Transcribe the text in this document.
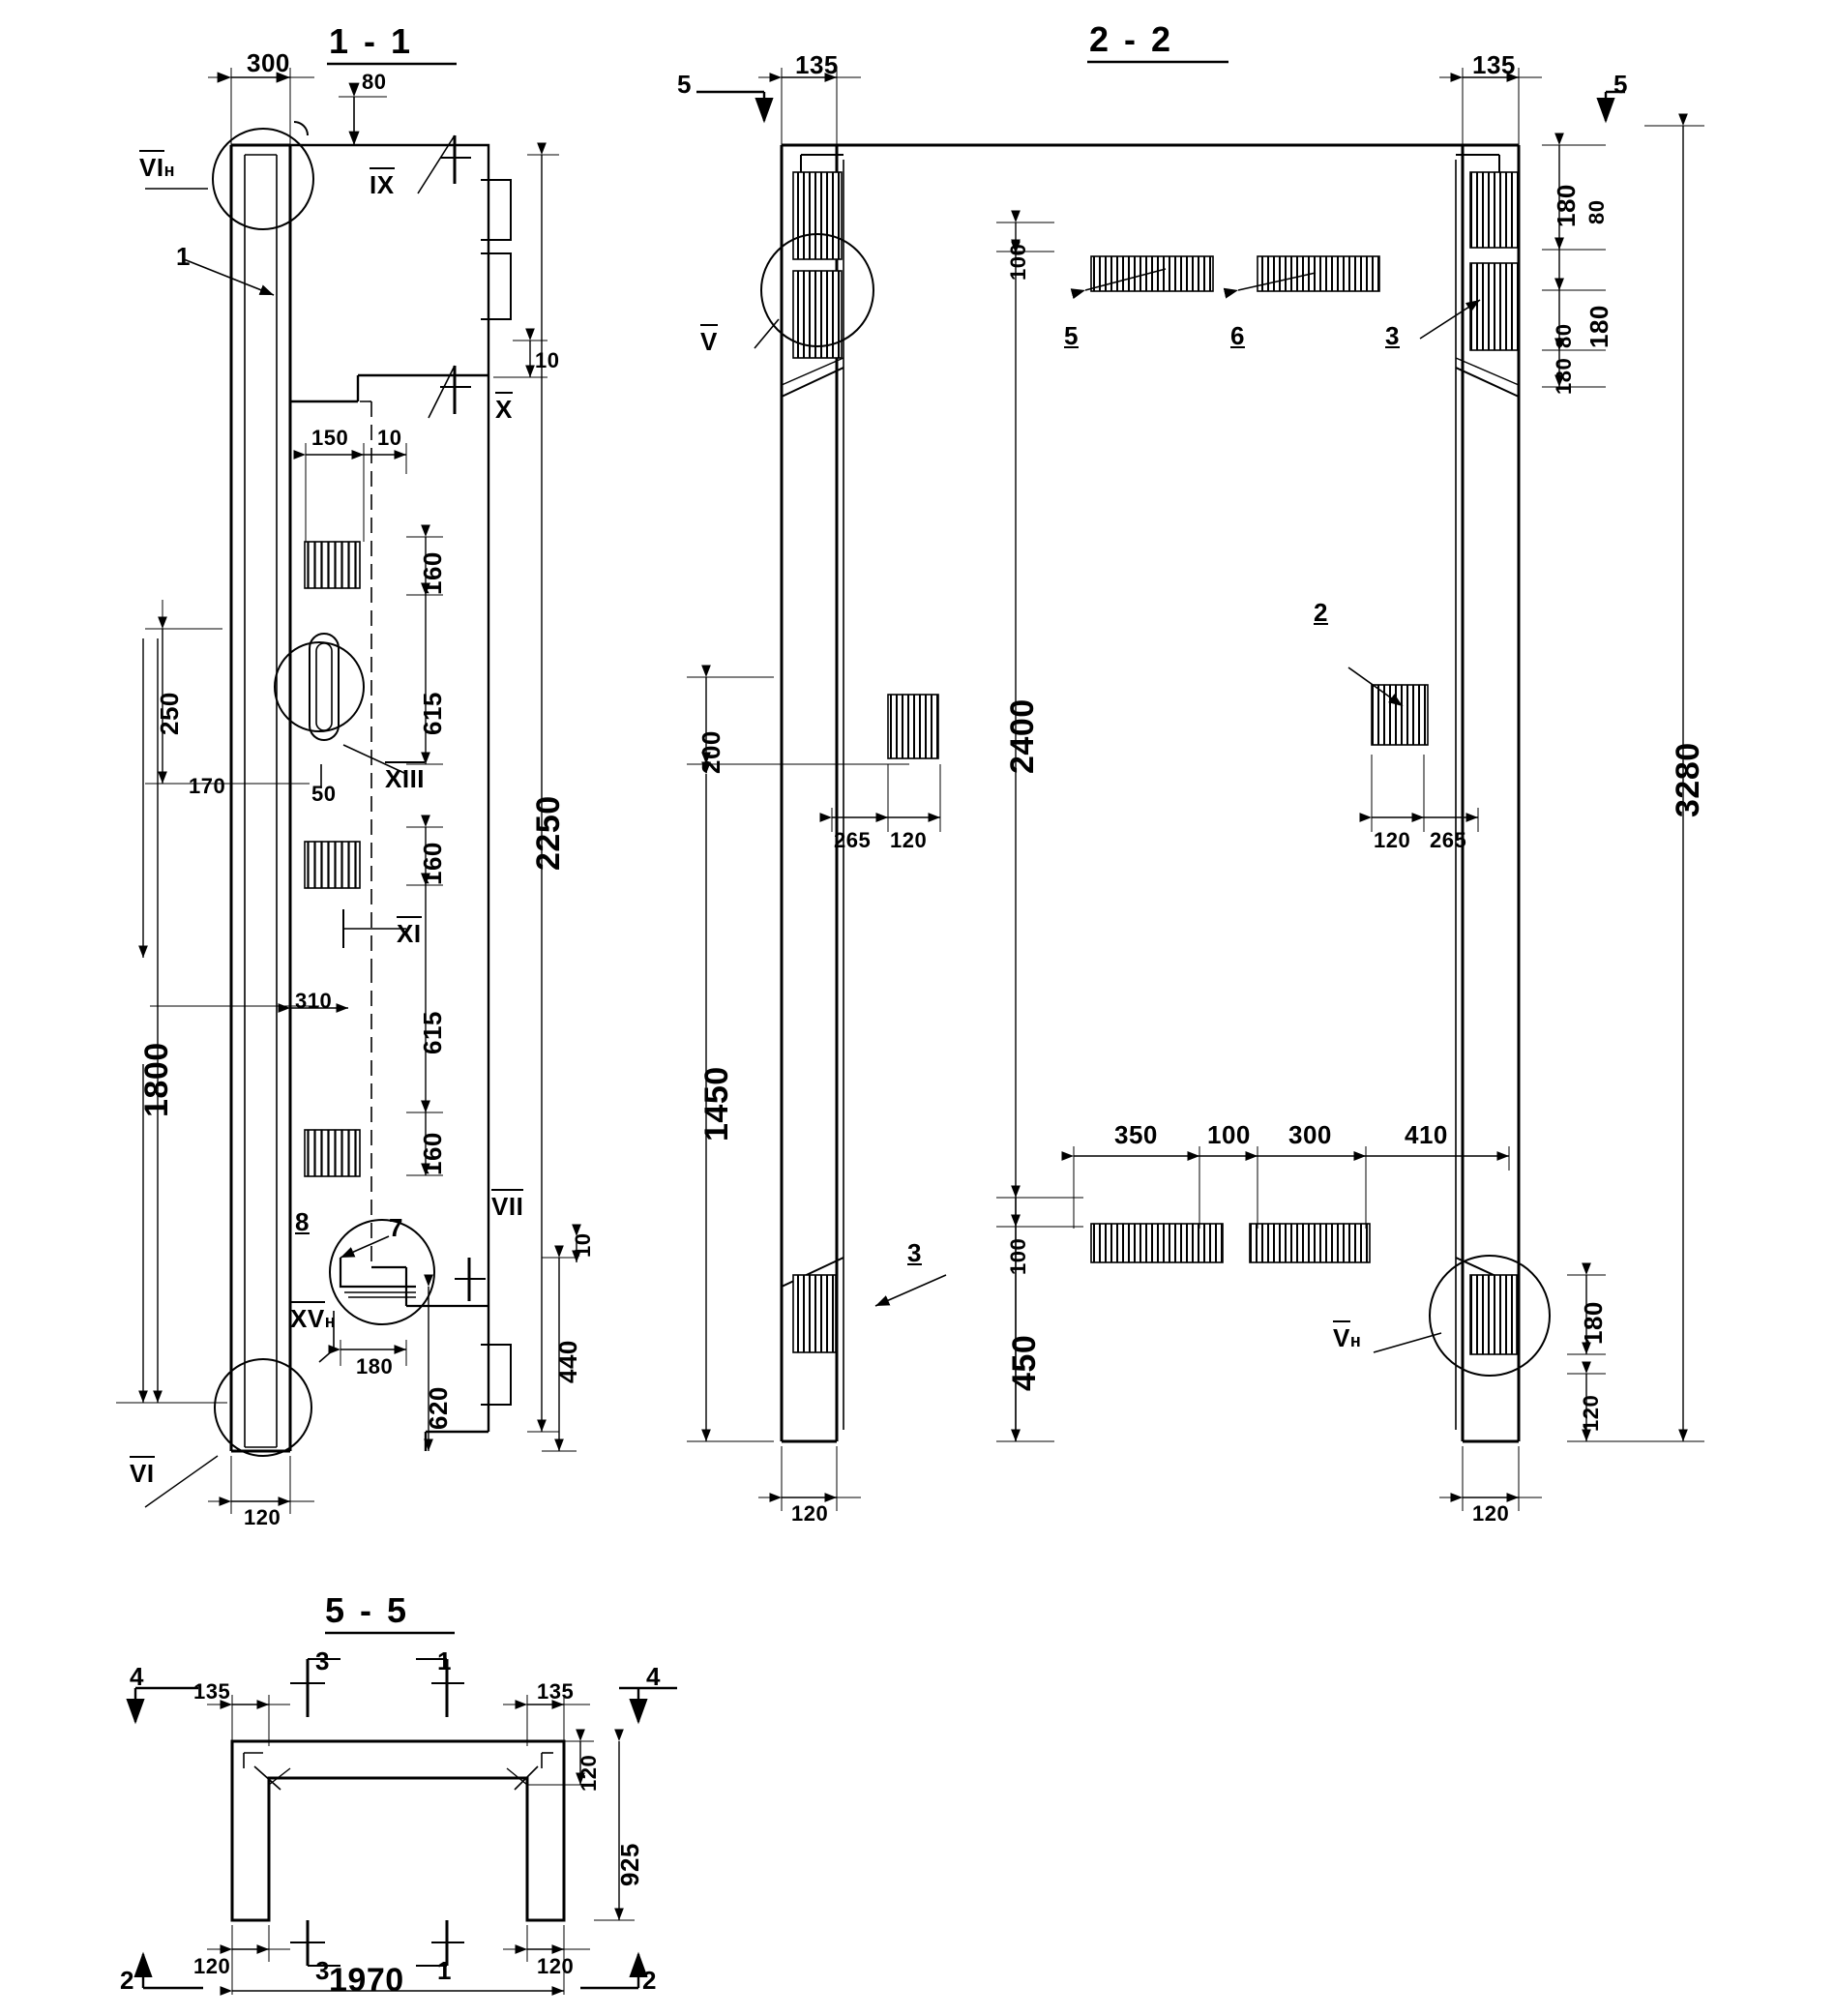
1 - 1
300
80
10
150 10
250
170
310
1800
160
615
160
615
160
2250
50
180
620
440
10
120
1
7
8
VIн	IX
X
XIII
XI
VII
XVн
VI
2 - 2
135	135
180 80
80 180
180
3280
100
200	2400
1450
450
100
265 120	120 265
350 100 300	410
180
120
120	120
5	6	3
2
3
5	5
V
Vн
5 - 5
135	135
120
925
120	120
1970
4	4
3
3
1
1
2	2
